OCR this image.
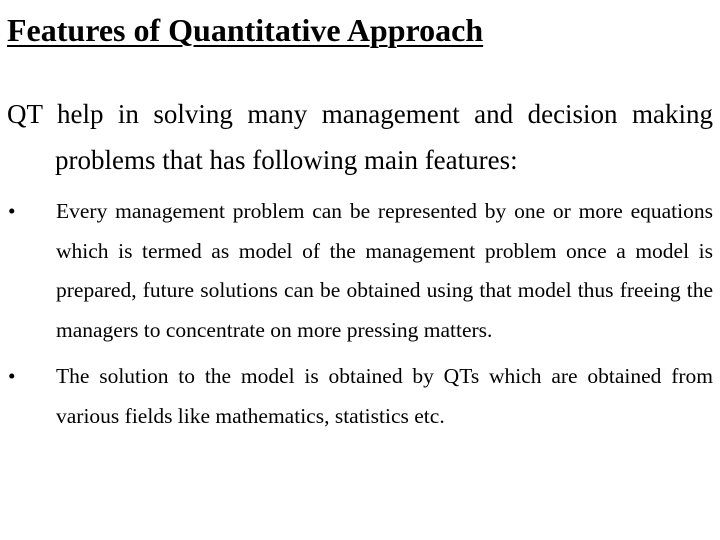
Features of Quantitative Approach

QT help in solving many management and decision making problems that has following main features:

•	Every management problem can be represented by one or more equations which is termed as model of the management problem once a model is prepared, future solutions can be obtained using that model thus freeing the managers to concentrate on more pressing matters.
•	The solution to the model is obtained by QTs which are obtained from various fields like mathematics, statistics etc.
